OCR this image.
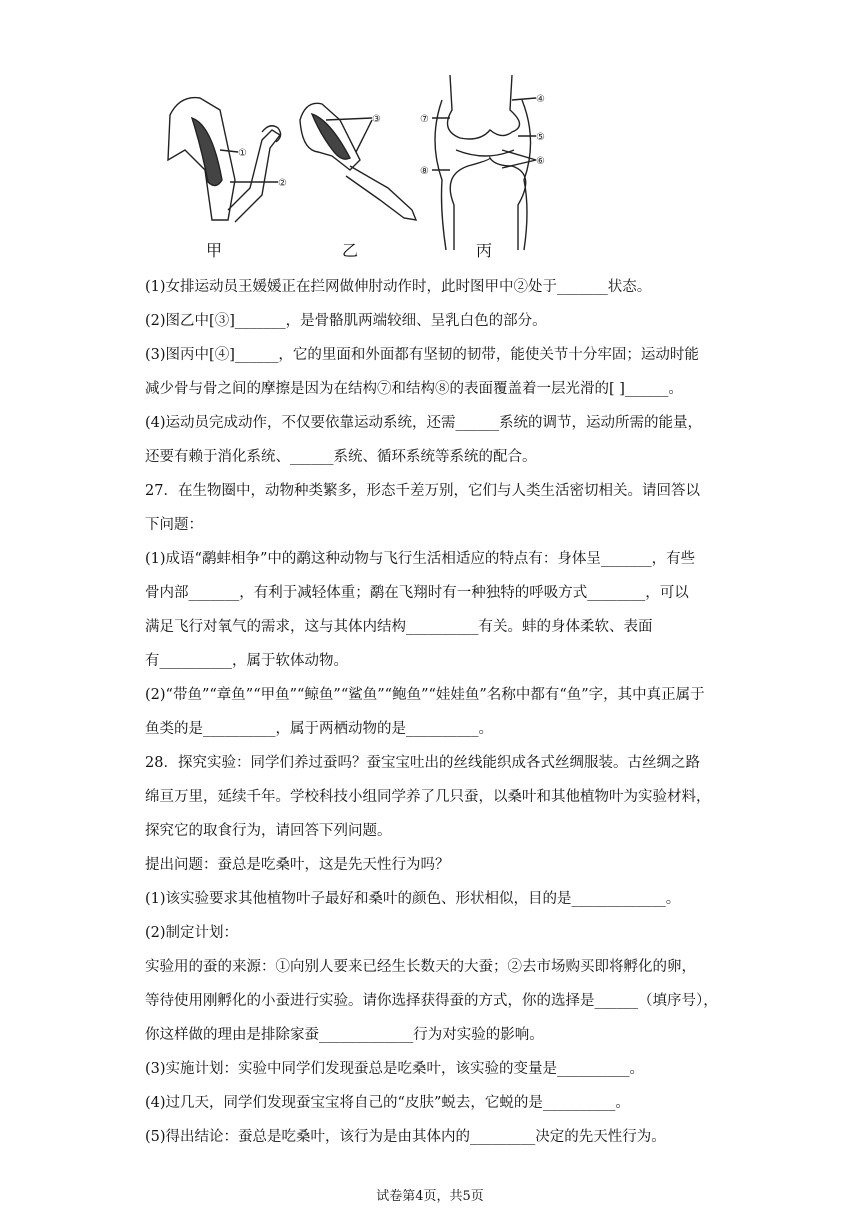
①
②
③
④
⑤
⑥
⑦
⑧
甲	乙	丙

(1)女排运动员王媛媛正在拦网做伸肘动作时，此时图甲中②处于_______状态。

(2)图乙中[③]_______，是骨骼肌两端较细、呈乳白色的部分。

(3)图丙中[④]______，它的里面和外面都有坚韧的韧带，能使关节十分牢固；运动时能

减少骨与骨之间的摩擦是因为在结构⑦和结构⑧的表面覆盖着一层光滑的[ ]______。

(4)运动员完成动作，不仅要依靠运动系统，还需______系统的调节，运动所需的能量，

还要有赖于消化系统、______系统、循环系统等系统的配合。

27．在生物圈中，动物种类繁多，形态千差万别，它们与人类生活密切相关。请回答以

下问题：

(1)成语“鹬蚌相争”中的鹬这种动物与飞行生活相适应的特点有：身体呈_______，有些

骨内部_______，有利于减轻体重；鹬在飞翔时有一种独特的呼吸方式________，可以

满足飞行对氧气的需求，这与其体内结构__________有关。蚌的身体柔软、表面

有__________，属于软体动物。

(2)“带鱼”“章鱼”“甲鱼”“鲸鱼”“鲨鱼”“鲍鱼”“娃娃鱼”名称中都有“鱼”字，其中真正属于

鱼类的是__________，属于两栖动物的是__________。

28．探究实验：同学们养过蚕吗？蚕宝宝吐出的丝线能织成各式丝绸服装。古丝绸之路

绵亘万里，延续千年。学校科技小组同学养了几只蚕，以桑叶和其他植物叶为实验材料，

探究它的取食行为，请回答下列问题。

提出问题：蚕总是吃桑叶，这是先天性行为吗？

(1)该实验要求其他植物叶子最好和桑叶的颜色、形状相似，目的是_____________。

(2)制定计划：

实验用的蚕的来源：①向别人要来已经生长数天的大蚕；②去市场购买即将孵化的卵，

等待使用刚孵化的小蚕进行实验。请你选择获得蚕的方式，你的选择是______（填序号），

你这样做的理由是排除家蚕_____________行为对实验的影响。

(3)实施计划：实验中同学们发现蚕总是吃桑叶，该实验的变量是__________。

(4)过几天，同学们发现蚕宝宝将自己的“皮肤”蜕去，它蜕的是__________。

(5)得出结论：蚕总是吃桑叶，该行为是由其体内的_________决定的先天性行为。

试卷第4页，共5页
